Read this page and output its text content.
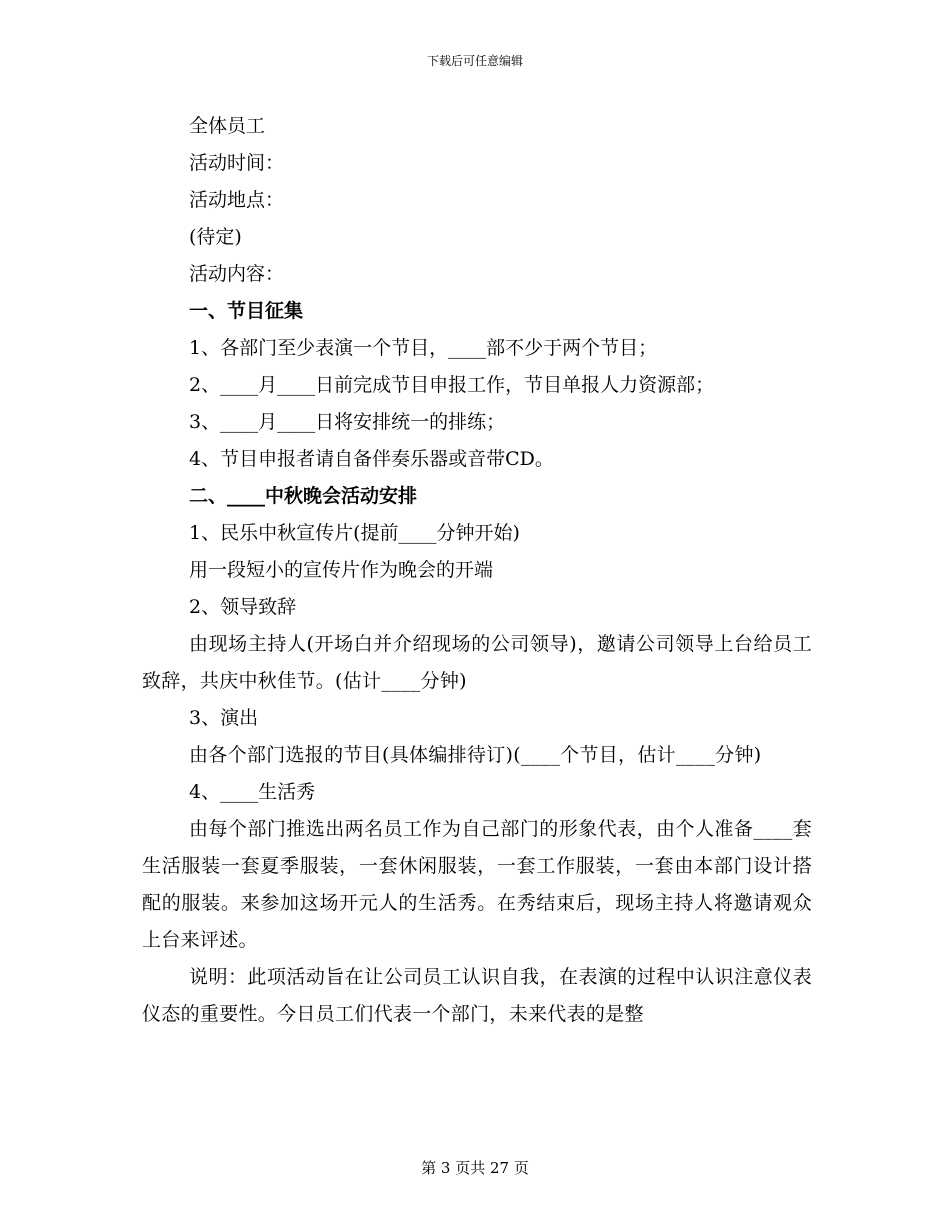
下载后可任意编辑

全体员工

活动时间：

活动地点：

(待定)

活动内容：

一、节目征集

1、各部门至少表演一个节目，____部不少于两个节目；

2、____月____日前完成节目申报工作，节目单报人力资源部；

3、____月____日将安排统一的排练；

4、节目申报者请自备伴奏乐器或音带CD。

二、____中秋晚会活动安排

1、民乐中秋宣传片(提前____分钟开始)

用一段短小的宣传片作为晚会的开端

2、领导致辞

由现场主持人(开场白并介绍现场的公司领导)，邀请公司领导上台给员工致辞，共庆中秋佳节。(估计____分钟)

3、演出

由各个部门选报的节目(具体编排待订)(____个节目，估计____分钟)

4、____生活秀

由每个部门推选出两名员工作为自己部门的形象代表，由个人准备____套生活服装一套夏季服装，一套休闲服装，一套工作服装，一套由本部门设计搭配的服装。来参加这场开元人的生活秀。在秀结束后，现场主持人将邀请观众上台来评述。

说明：此项活动旨在让公司员工认识自我，在表演的过程中认识注意仪表仪态的重要性。今日员工们代表一个部门，未来代表的是整

第 3 页共 27 页
